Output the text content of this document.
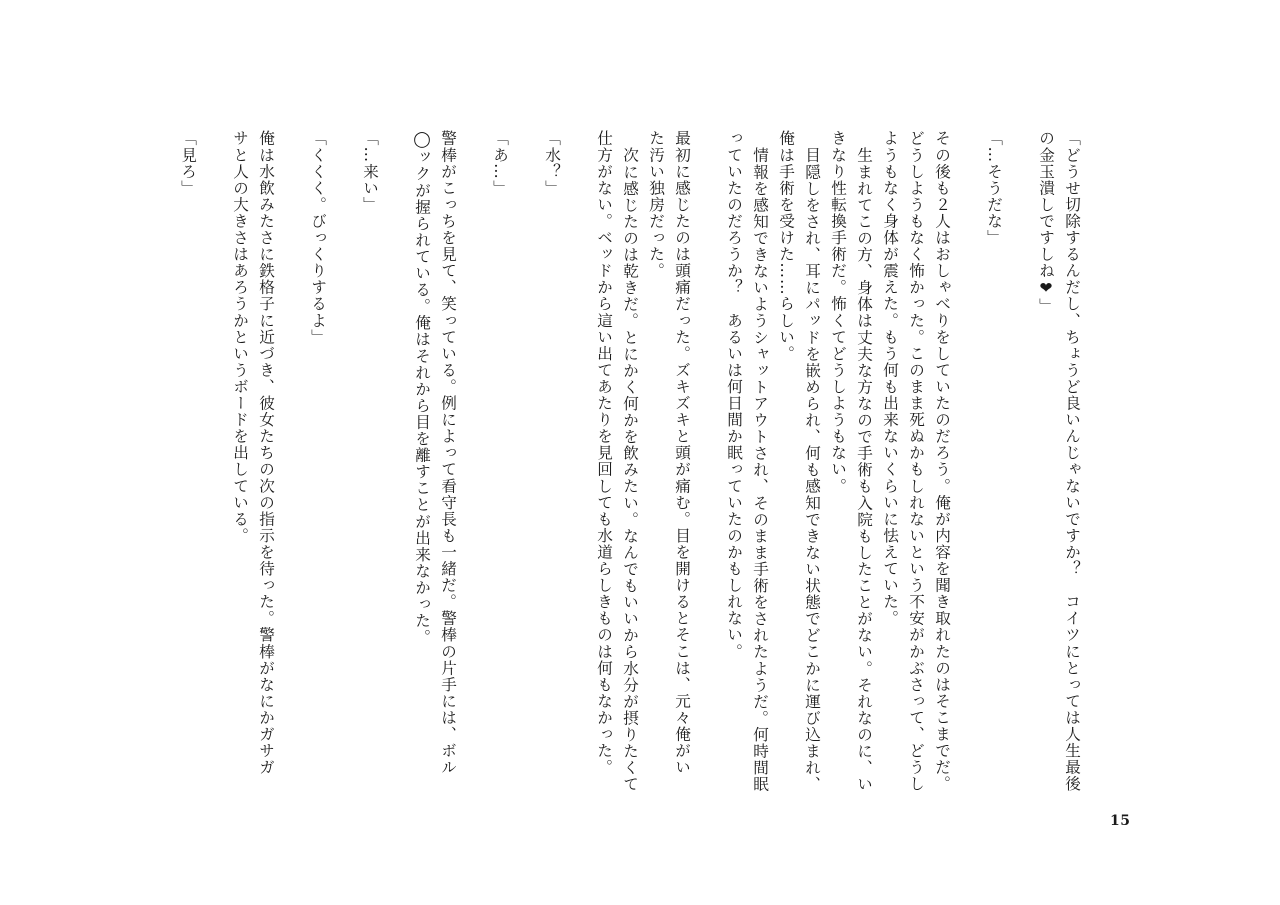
「どうせ切除するんだし、ちょうど良いんじゃないですか？　コイツにとっては人生最後
の金玉潰しですしね❤」
「…そうだな」
その後も２人はおしゃべりをしていたのだろう。俺が内容を聞き取れたのはそこまでだ。
どうしようもなく怖かった。このまま死ぬかもしれないという不安がかぶさって、どうし
ようもなく身体が震えた。もう何も出来ないくらいに怯えていた。
生まれてこの方、身体は丈夫な方なので手術も入院もしたことがない。それなのに、い
きなり性転換手術だ。怖くてどうしようもない。
目隠しをされ、耳にパッドを嵌められ、何も感知できない状態でどこかに運び込まれ、
俺は手術を受けた……らしい。
情報を感知できないようシャットアウトされ、そのまま手術をされたようだ。何時間眠
っていたのだろうか？　あるいは何日間か眠っていたのかもしれない。
最初に感じたのは頭痛だった。ズキズキと頭が痛む。目を開けるとそこは、元々俺がい
た汚い独房だった。
次に感じたのは乾きだ。とにかく何かを飲みたい。なんでもいいから水分が摂りたくて
仕方がない。ベッドから這い出てあたりを見回しても水道らしきものは何もなかった。
「水？」
「あ…」
警棒がこっちを見て、笑っている。例によって看守長も一緒だ。警棒の片手には、ボル
◯ックが握られている。俺はそれから目を離すことが出来なかった。
「…来い」
「くくく。びっくりするよ」
俺は水飲みたさに鉄格子に近づき、彼女たちの次の指示を待った。警棒がなにかガサガ
サと人の大きさはあろうかというボードを出している。
「見ろ」
15
